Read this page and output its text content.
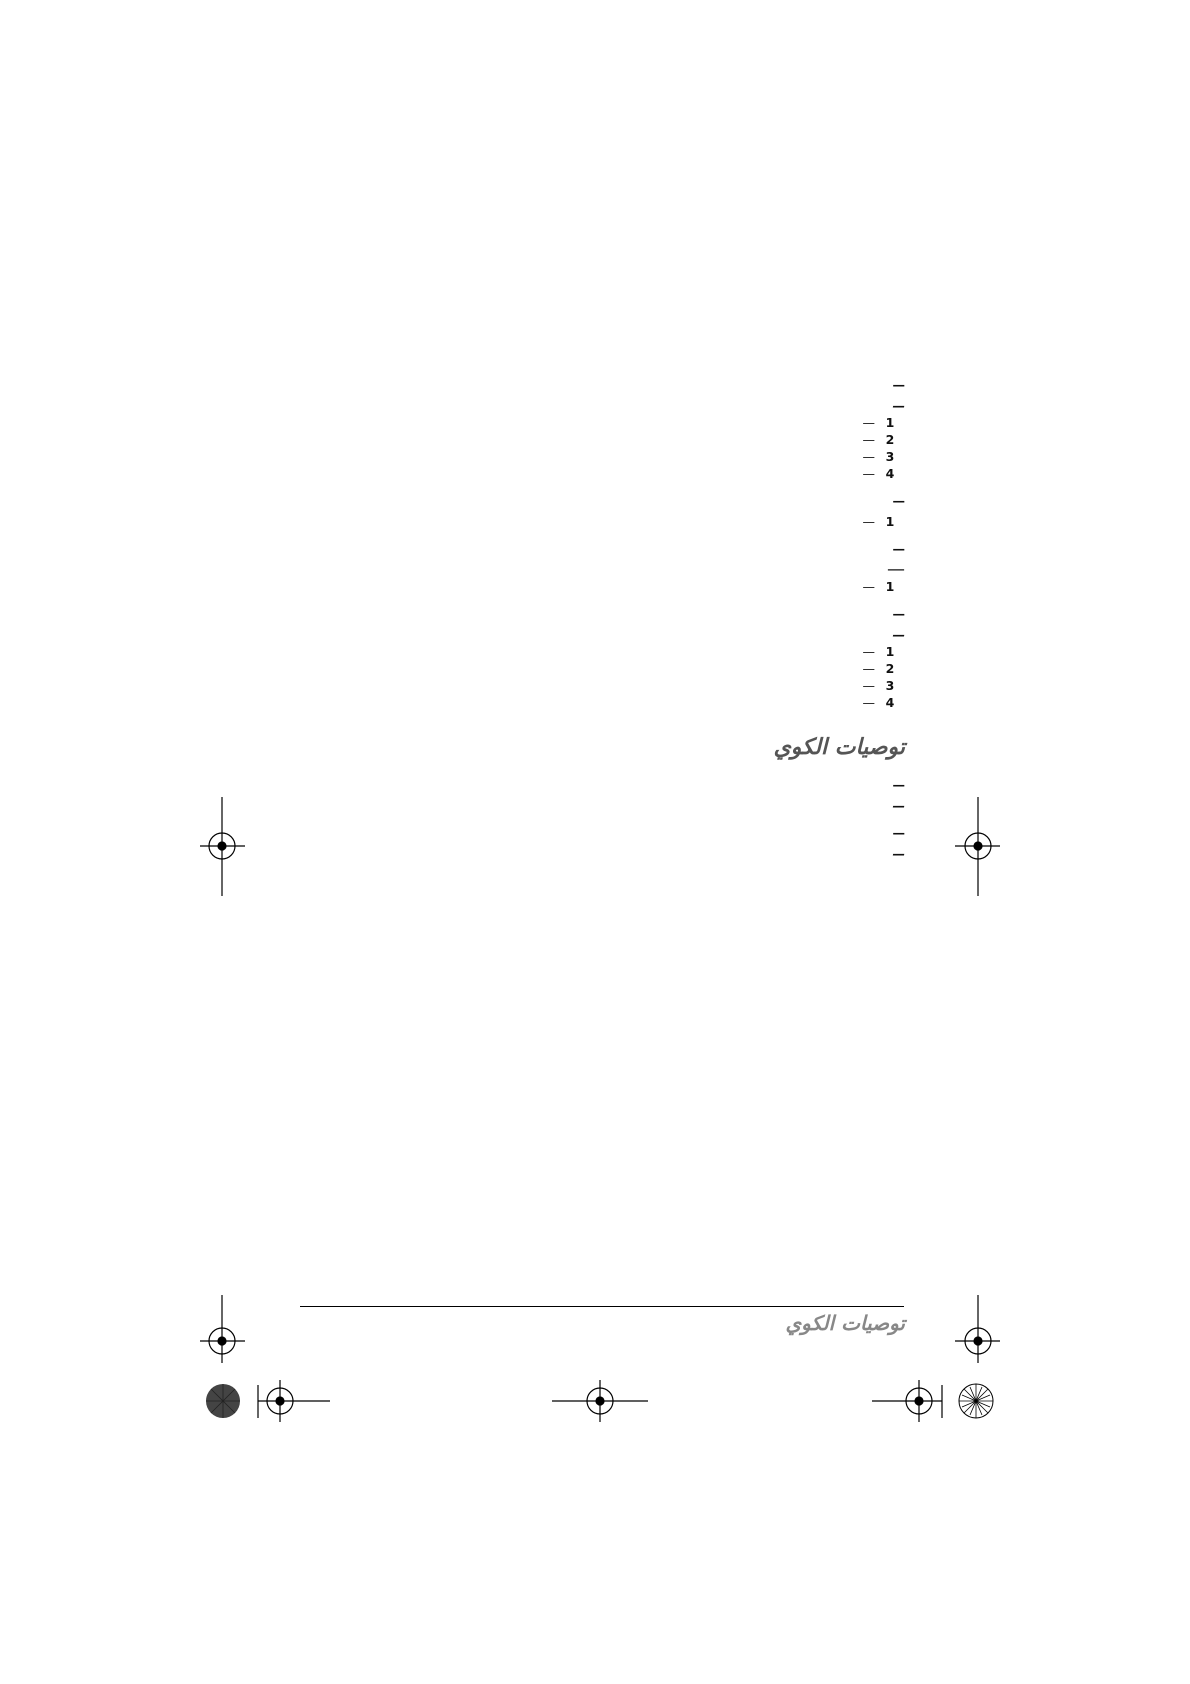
—
—
1—
2—
3—
4—
—
1—
—
—
1—
—
—
1—
2—
3—
4—
توصيات الكوي
—
—
—
—
توصيات الكوي
